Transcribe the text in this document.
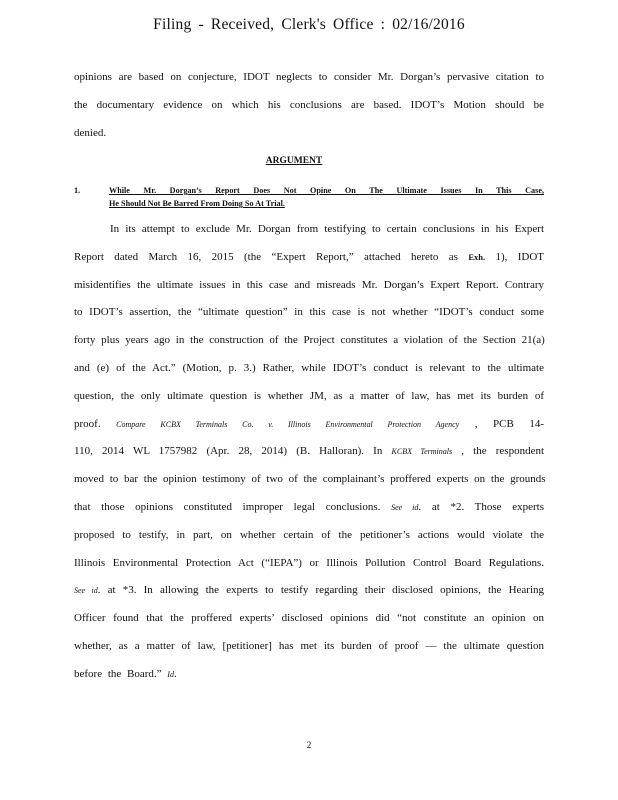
Filing - Received, Clerk's Office : 02/16/2016
opinions are based on conjecture, IDOT neglects to consider Mr. Dorgan’s pervasive citation to
the documentary evidence on which his conclusions are based. IDOT’s Motion should be
denied.
ARGUMENT
1.	While Mr. Dorgan’s Report Does Not Opine On The Ultimate Issues In This Case,
He Should Not Be Barred From Doing So At Trial.
In its attempt to exclude Mr. Dorgan from testifying to certain conclusions in his Expert
Report dated March 16, 2015 (the “Expert Report,” attached hereto as Exh. 1), IDOT
misidentifies the ultimate issues in this case and misreads Mr. Dorgan’s Expert Report. Contrary
to IDOT’s assertion, the “ultimate question” in this case is not whether “IDOT’s conduct some
forty plus years ago in the construction of the Project constitutes a violation of the Section 21(a)
and (e) of the Act.” (Motion, p. 3.) Rather, while IDOT’s conduct is relevant to the ultimate
question, the only ultimate question is whether JM, as a matter of law, has met its burden of
proof. Compare KCBX Terminals Co. v. Illinois Environmental Protection Agency , PCB 14-
110, 2014 WL 1757982 (Apr. 28, 2014) (B. Halloran). In KCBX Terminals , the respondent
moved to bar the opinion testimony of two of the complainant’s proffered experts on the grounds
that those opinions constituted improper legal conclusions. See id. at *2. Those experts
proposed to testify, in part, on whether certain of the petitioner’s actions would violate the
Illinois Environmental Protection Act (“IEPA”) or Illinois Pollution Control Board Regulations.
See id. at *3. In allowing the experts to testify regarding their disclosed opinions, the Hearing
Officer found that the proffered experts’ disclosed opinions did “not constitute an opinion on
whether, as a matter of law, [petitioner] has met its burden of proof — the ultimate question
before the Board.” Id.
2
